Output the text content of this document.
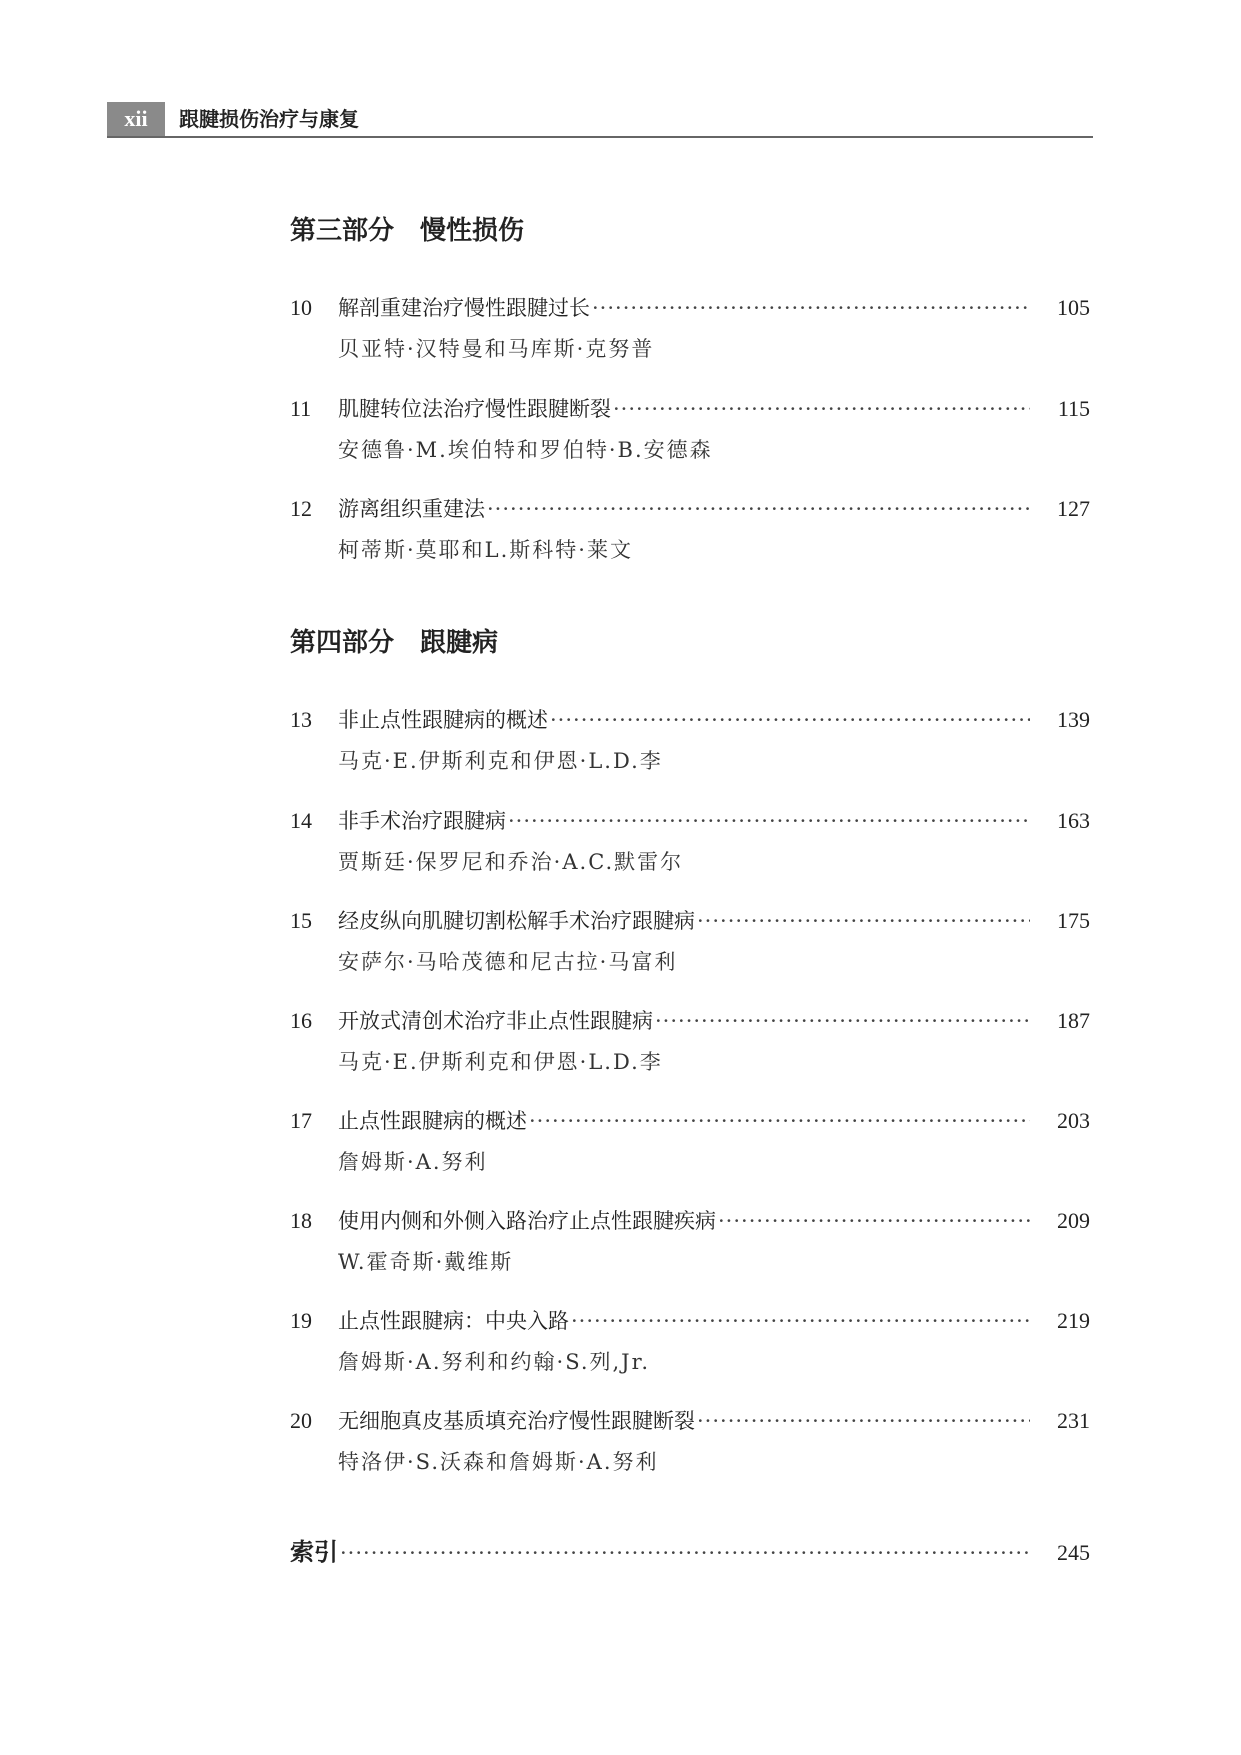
xii	跟腱损伤治疗与康复
第三部分　慢性损伤
10	解剖重建治疗慢性跟腱过长 ·····	105
贝亚特·汉特曼和马库斯·克努普
11	肌腱转位法治疗慢性跟腱断裂 ·····	115
安德鲁·M.埃伯特和罗伯特·B.安德森
12	游离组织重建法 ·····	127
柯蒂斯·莫耶和L.斯科特·莱文
第四部分　跟腱病
13	非止点性跟腱病的概述 ·····	139
马克·E.伊斯利克和伊恩·L.D.李
14	非手术治疗跟腱病 ·····	163
贾斯廷·保罗尼和乔治·A.C.默雷尔
15	经皮纵向肌腱切割松解手术治疗跟腱病 ·····	175
安萨尔·马哈茂德和尼古拉·马富利
16	开放式清创术治疗非止点性跟腱病 ·····	187
马克·E.伊斯利克和伊恩·L.D.李
17	止点性跟腱病的概述 ·····	203
詹姆斯·A.努利
18	使用内侧和外侧入路治疗止点性跟腱疾病 ·····	209
W.霍奇斯·戴维斯
19	止点性跟腱病：中央入路 ·····	219
詹姆斯·A.努利和约翰·S.列,Jr.
20	无细胞真皮基质填充治疗慢性跟腱断裂 ·····	231
特洛伊·S.沃森和詹姆斯·A.努利
索引 ·····	245
